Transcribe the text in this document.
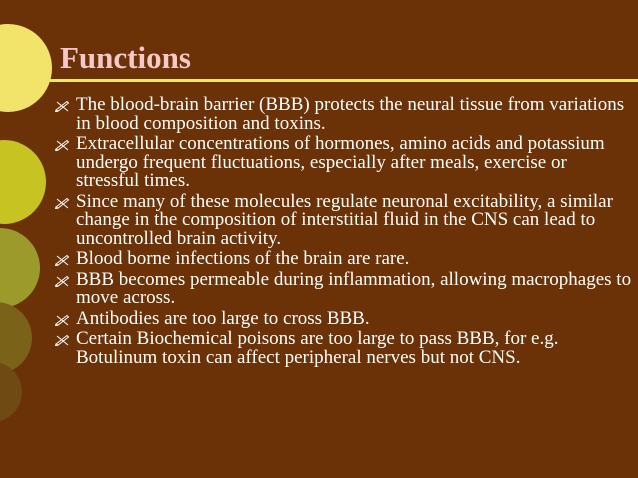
Functions
The blood-brain barrier (BBB) protects the neural tissue from variations in blood composition and toxins.
Extracellular concentrations of hormones, amino acids and potassium undergo frequent fluctuations, especially after meals, exercise or stressful times.
Since many of these molecules regulate neuronal excitability, a similar change in the composition of interstitial fluid in the CNS can lead to uncontrolled brain activity.
Blood borne infections of the brain are rare.
BBB becomes permeable during inflammation, allowing macrophages to move across.
Antibodies are too large to cross BBB.
Certain Biochemical poisons are too large to pass BBB, for e.g. Botulinum toxin can affect peripheral nerves but not CNS.
